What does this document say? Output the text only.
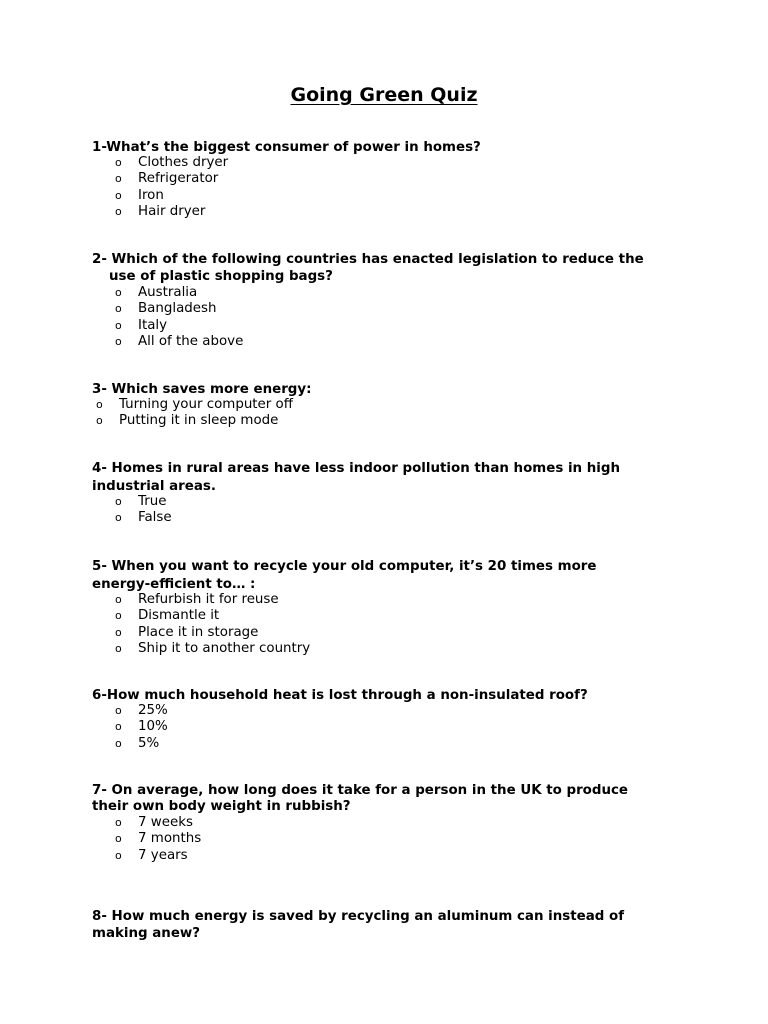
Going Green Quiz
1-What’s the biggest consumer of power in homes?
o Clothes dryer
o Refrigerator
o Iron
o Hair dryer
2- Which of the following countries has enacted legislation to reduce the
use of plastic shopping bags?
o Australia
o Bangladesh
o Italy
o All of the above
3- Which saves more energy:
o Turning your computer off
o Putting it in sleep mode
4- Homes in rural areas have less indoor pollution than homes in high
industrial areas.
o True
o False
5- When you want to recycle your old computer, it’s 20 times more
energy-efficient to… :
o Refurbish it for reuse
o Dismantle it
o Place it in storage
o Ship it to another country
6-How much household heat is lost through a non-insulated roof?
o 25%
o 10%
o 5%
7- On average, how long does it take for a person in the UK to produce
their own body weight in rubbish?
o 7 weeks
o 7 months
o 7 years
8- How much energy is saved by recycling an aluminum can instead of
making anew?
